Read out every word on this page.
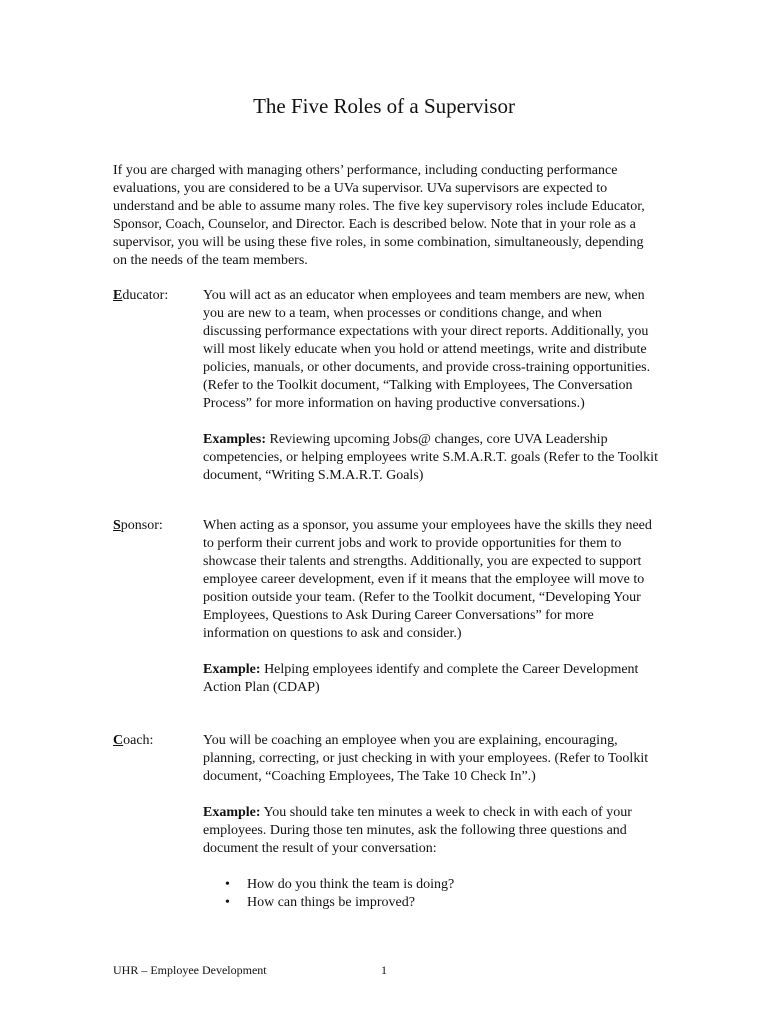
The Five Roles of a Supervisor

If you are charged with managing others’ performance, including conducting performance evaluations, you are considered to be a UVa supervisor. UVa supervisors are expected to understand and be able to assume many roles. The five key supervisory roles include Educator, Sponsor, Coach, Counselor, and Director. Each is described below. Note that in your role as a supervisor, you will be using these five roles, in some combination, simultaneously, depending on the needs of the team members.

Educator:	You will act as an educator when employees and team members are new, when you are new to a team, when processes or conditions change, and when discussing performance expectations with your direct reports. Additionally, you will most likely educate when you hold or attend meetings, write and distribute policies, manuals, or other documents, and provide cross-training opportunities. (Refer to the Toolkit document, “Talking with Employees, The Conversation Process” for more information on having productive conversations.)

Examples: Reviewing upcoming Jobs@ changes, core UVA Leadership competencies, or helping employees write S.M.A.R.T. goals (Refer to the Toolkit document, “Writing S.M.A.R.T. Goals)

Sponsor:	When acting as a sponsor, you assume your employees have the skills they need to perform their current jobs and work to provide opportunities for them to showcase their talents and strengths. Additionally, you are expected to support employee career development, even if it means that the employee will move to position outside your team. (Refer to the Toolkit document, “Developing Your Employees, Questions to Ask During Career Conversations” for more information on questions to ask and consider.)

Example: Helping employees identify and complete the Career Development Action Plan (CDAP)

Coach:	You will be coaching an employee when you are explaining, encouraging, planning, correcting, or just checking in with your employees. (Refer to Toolkit document, “Coaching Employees, The Take 10 Check In”.)

Example: You should take ten minutes a week to check in with each of your employees. During those ten minutes, ask the following three questions and document the result of your conversation:

• How do you think the team is doing?
• How can things be improved?
UHR – Employee Development	1
